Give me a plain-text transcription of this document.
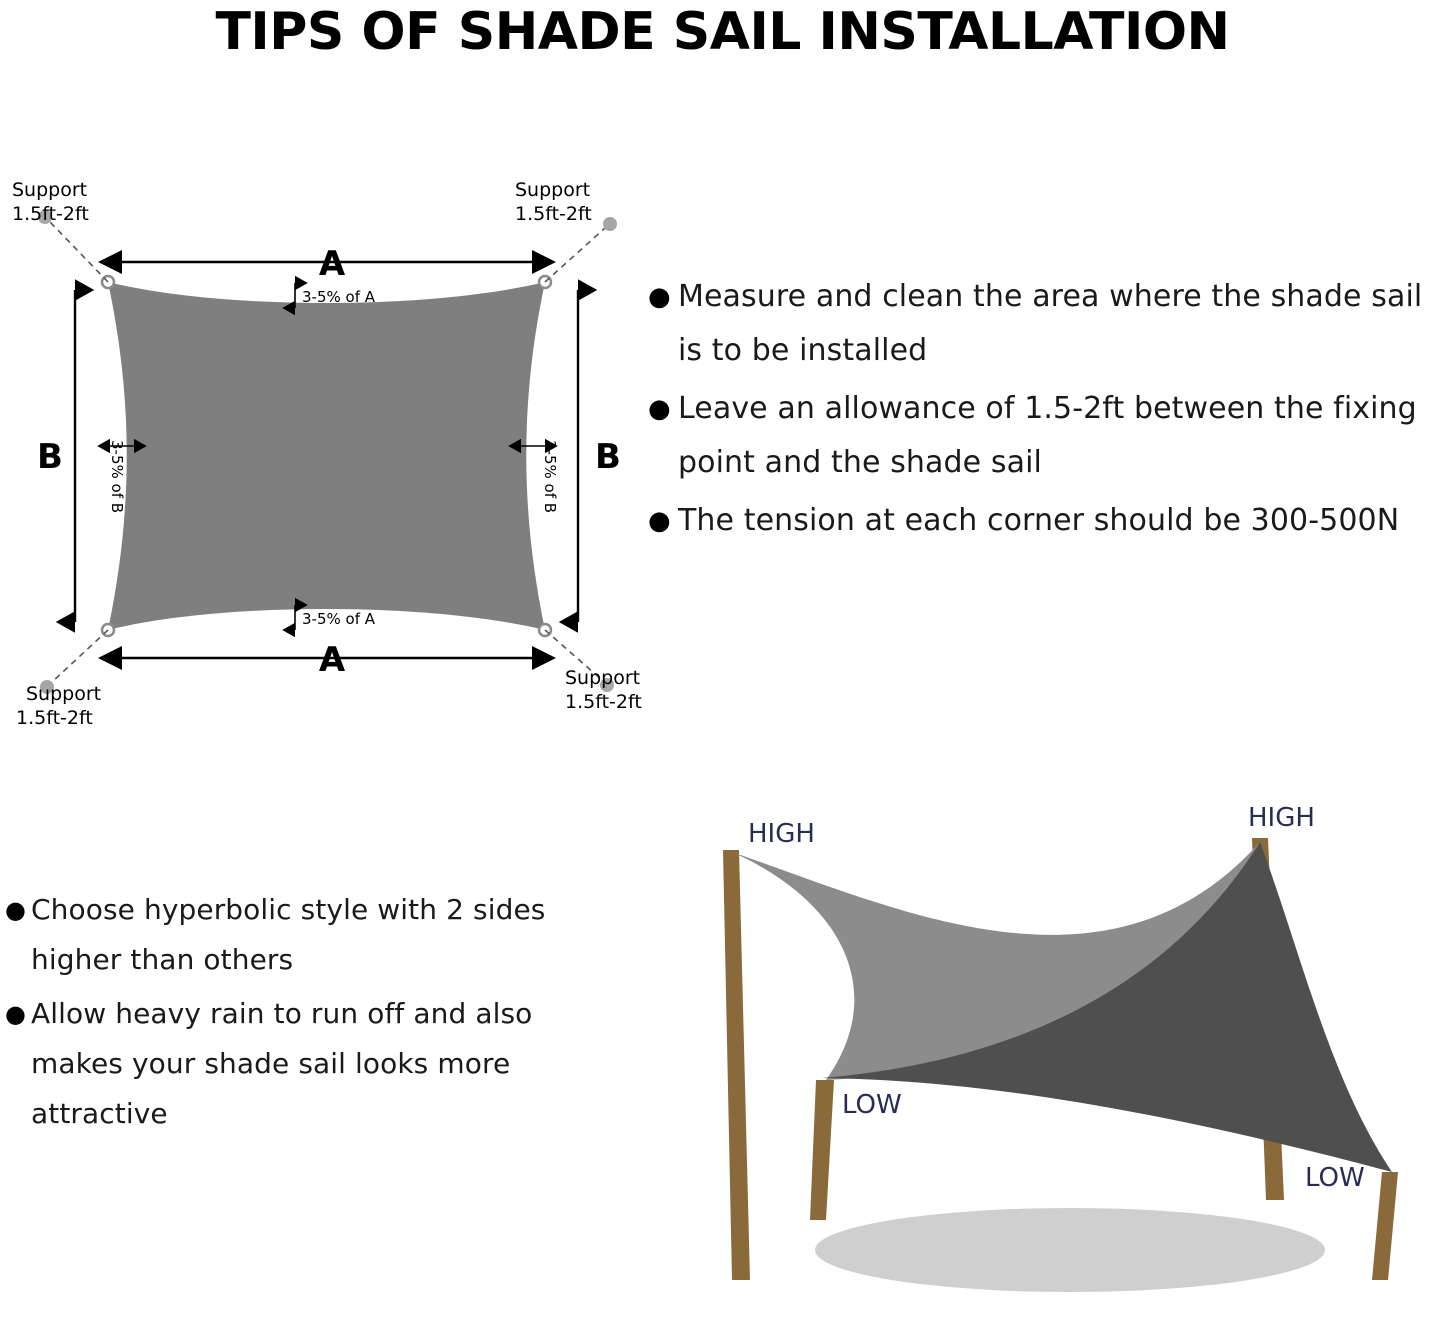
TIPS OF SHADE SAIL INSTALLATION
A
A
B	B
3-5% of A
3-5% of A
3-5% of B	3-5% of B
Support
1.5ft-2ft
Support
1.5ft-2ft
Support
1.5ft-2ft
Support
1.5ft-2ft
● Measure and clean the area where the shade sail is to be installed
● Leave an allowance of 1.5-2ft between the fixing point and the shade sail
● The tension at each corner should be 300-500N
● Choose hyperbolic style with 2 sides higher than others
● Allow heavy rain to run off and also makes your shade sail looks more attractive
HIGH
HIGH
LOW
LOW
